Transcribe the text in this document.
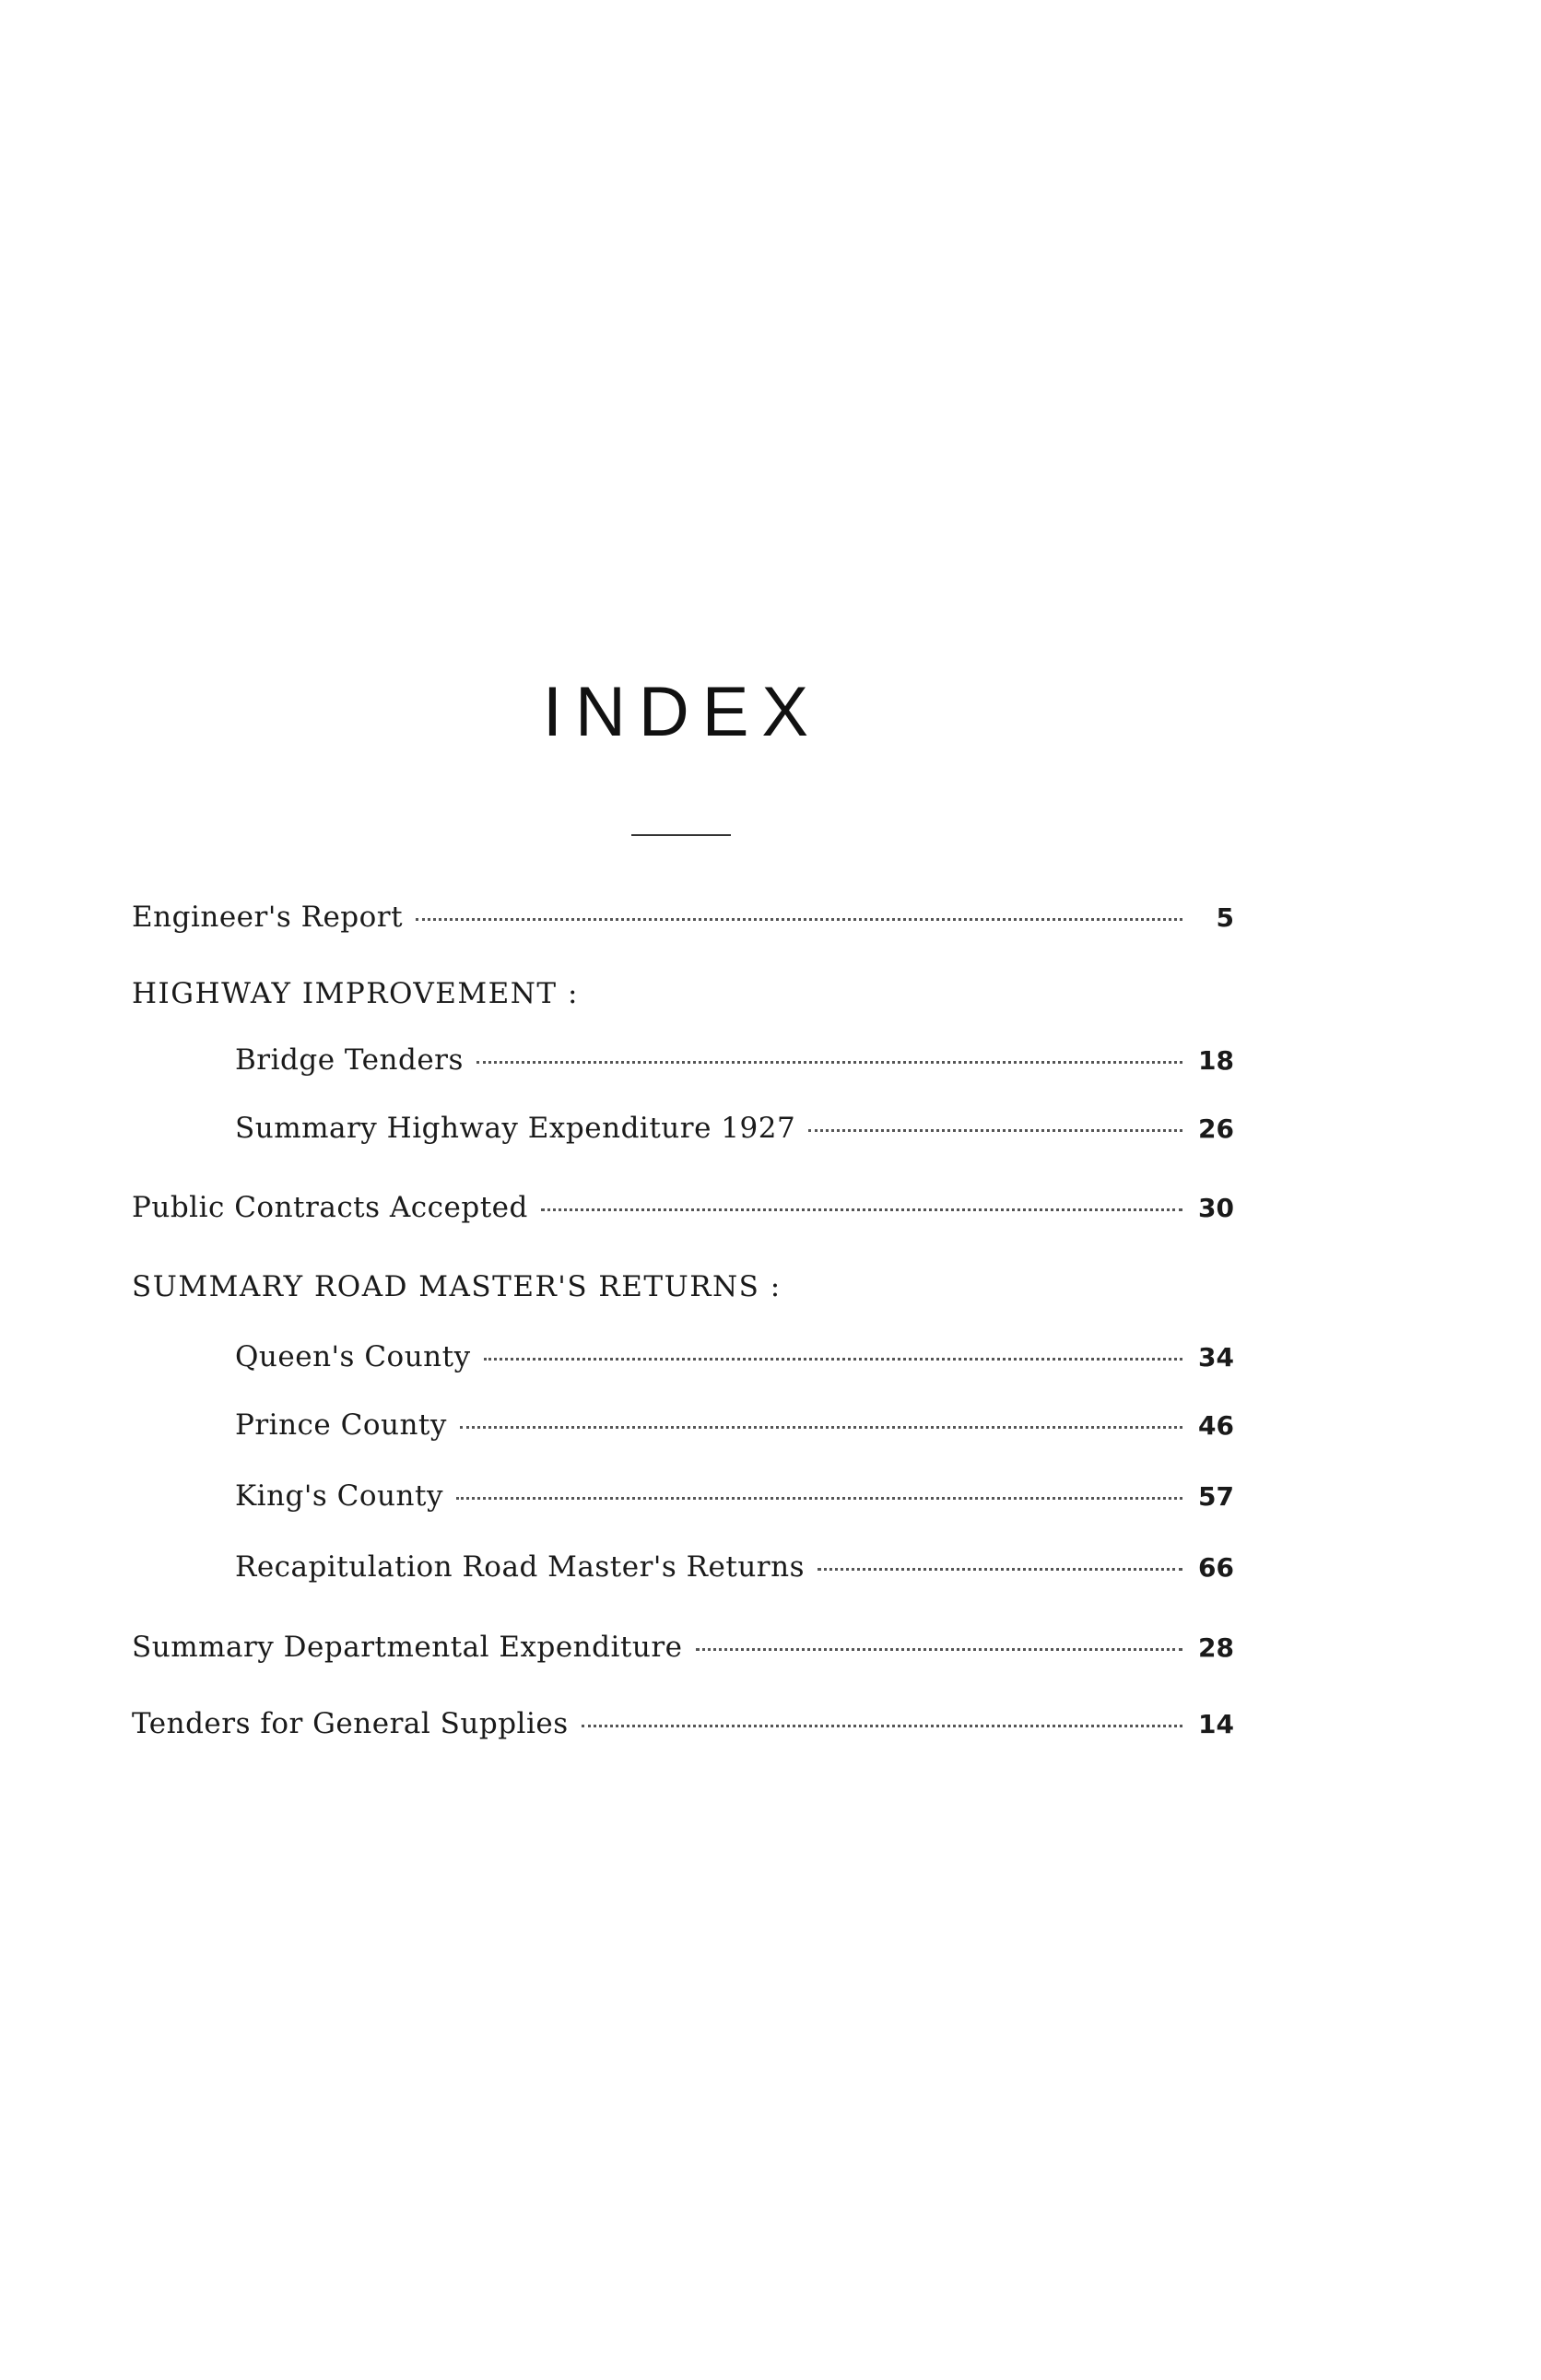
INDEX
Engineer's Report	5
HIGHWAY IMPROVEMENT :
Bridge Tenders	18
Summary Highway Expenditure 1927	26
Public Contracts Accepted	30
SUMMARY ROAD MASTER'S RETURNS :
Queen's County	34
Prince County	46
King's County	57
Recapitulation Road Master's Returns	66
Summary Departmental Expenditure	28
Tenders for General Supplies	14
